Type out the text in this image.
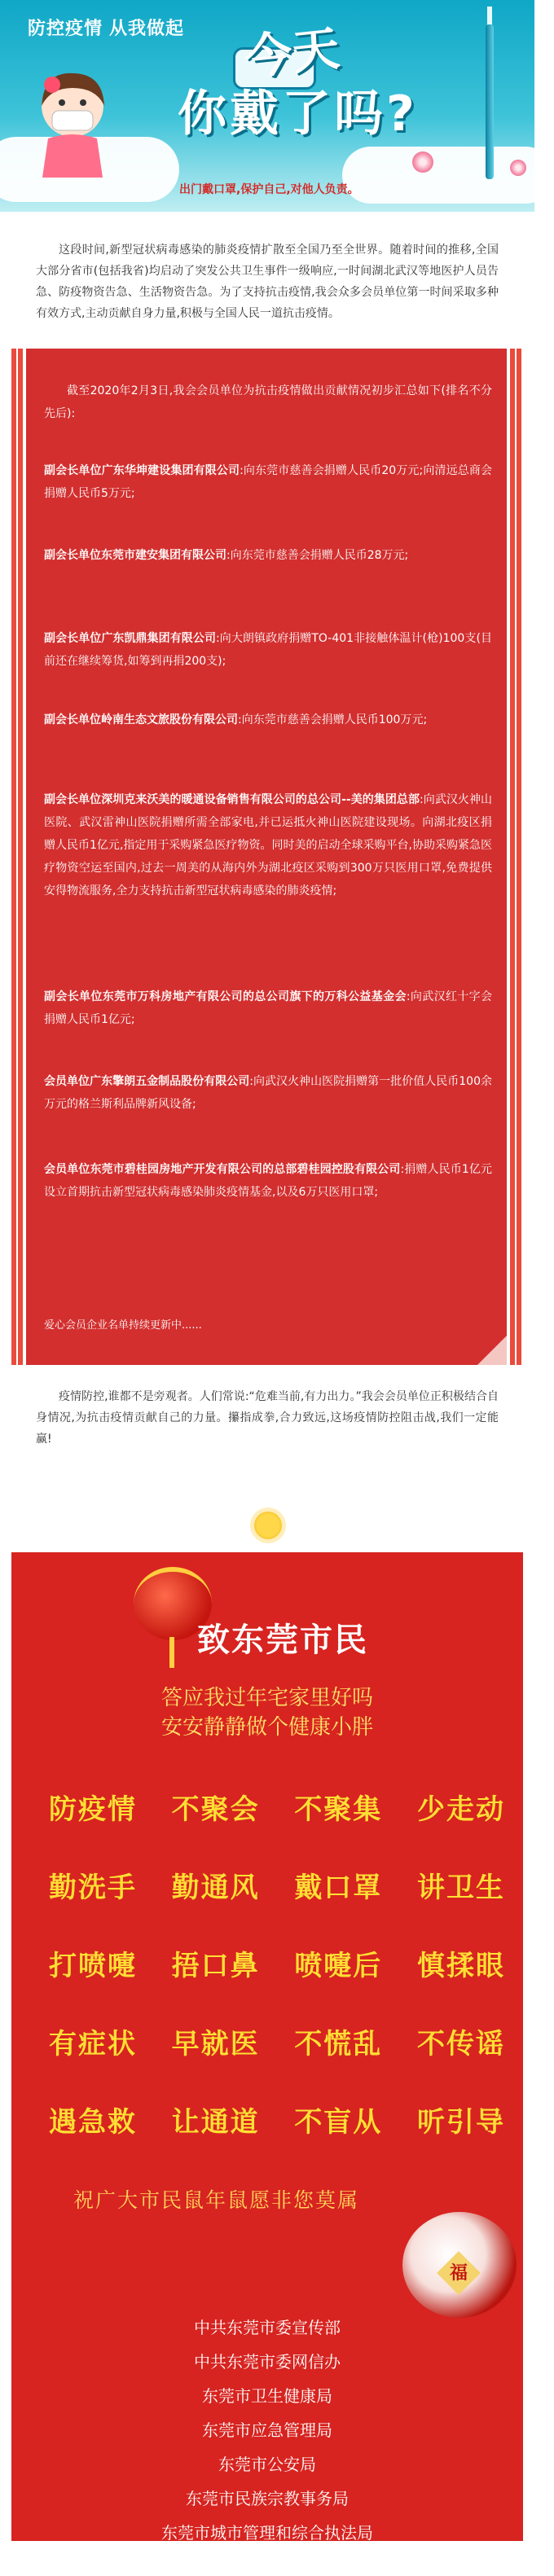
防控疫情 从我做起 今天
你戴了吗?
出门戴口罩,保护自己,对他人负责。

这段时间,新型冠状病毒感染的肺炎疫情扩散至全国乃至全世界。随着时间的推移,全国大部分省市(包括我省)均启动了突发公共卫生事件一级响应,一时间湖北武汉等地医护人员告急、防疫物资告急、生活物资告急。为了支持抗击疫情,我会众多会员单位第一时间采取多种有效方式,主动贡献自身力量,积极与全国人民一道抗击疫情。

截至2020年2月3日,我会会员单位为抗击疫情做出贡献情况初步汇总如下(排名不分先后):

副会长单位广东华坤建设集团有限公司:向东莞市慈善会捐赠人民币20万元;向清远总商会捐赠人民币5万元;

副会长单位东莞市建安集团有限公司:向东莞市慈善会捐赠人民币28万元;

副会长单位广东凯鼎集团有限公司:向大朗镇政府捐赠TO-401非接触体温计(枪)100支(目前还在继续筹货,如筹到再捐200支);

副会长单位岭南生态文旅股份有限公司:向东莞市慈善会捐赠人民币100万元;

副会长单位深圳克来沃美的暖通设备销售有限公司的总公司--美的集团总部:向武汉火神山医院、武汉雷神山医院捐赠所需全部家电,并已运抵火神山医院建设现场。向湖北疫区捐赠人民币1亿元,指定用于采购紧急医疗物资。同时美的启动全球采购平台,协助采购紧急医疗物资空运至国内,过去一周美的从海内外为湖北疫区采购到300万只医用口罩,免费提供安得物流服务,全力支持抗击新型冠状病毒感染的肺炎疫情;

副会长单位东莞市万科房地产有限公司的总公司旗下的万科公益基金会:向武汉红十字会捐赠人民币1亿元;

会员单位广东擎朗五金制品股份有限公司:向武汉火神山医院捐赠第一批价值人民币100余万元的格兰斯利品牌新风设备;

会员单位东莞市碧桂园房地产开发有限公司的总部碧桂园控股有限公司:捐赠人民币1亿元设立首期抗击新型冠状病毒感染肺炎疫情基金,以及6万只医用口罩;

爱心会员企业名单持续更新中......

疫情防控,谁都不是旁观者。人们常说:“危难当前,有力出力。”我会会员单位正积极结合自身情况,为抗击疫情贡献自己的力量。攥指成拳,合力致远,这场疫情防控阻击战,我们一定能赢!

致东莞市民
答应我过年宅家里好吗
安安静静做个健康小胖
防疫情 不聚会 不聚集 少走动
勤洗手 勤通风 戴口罩 讲卫生
打喷嚏 捂口鼻 喷嚏后 慎揉眼
有症状 早就医 不慌乱 不传谣
遇急救 让通道 不盲从 听引导
祝广大市民鼠年鼠愿非您莫属
福
中共东莞市委宣传部
中共东莞市委网信办
东莞市卫生健康局
东莞市应急管理局
东莞市公安局
东莞市民族宗教事务局
东莞市城市管理和综合执法局
联合发布
